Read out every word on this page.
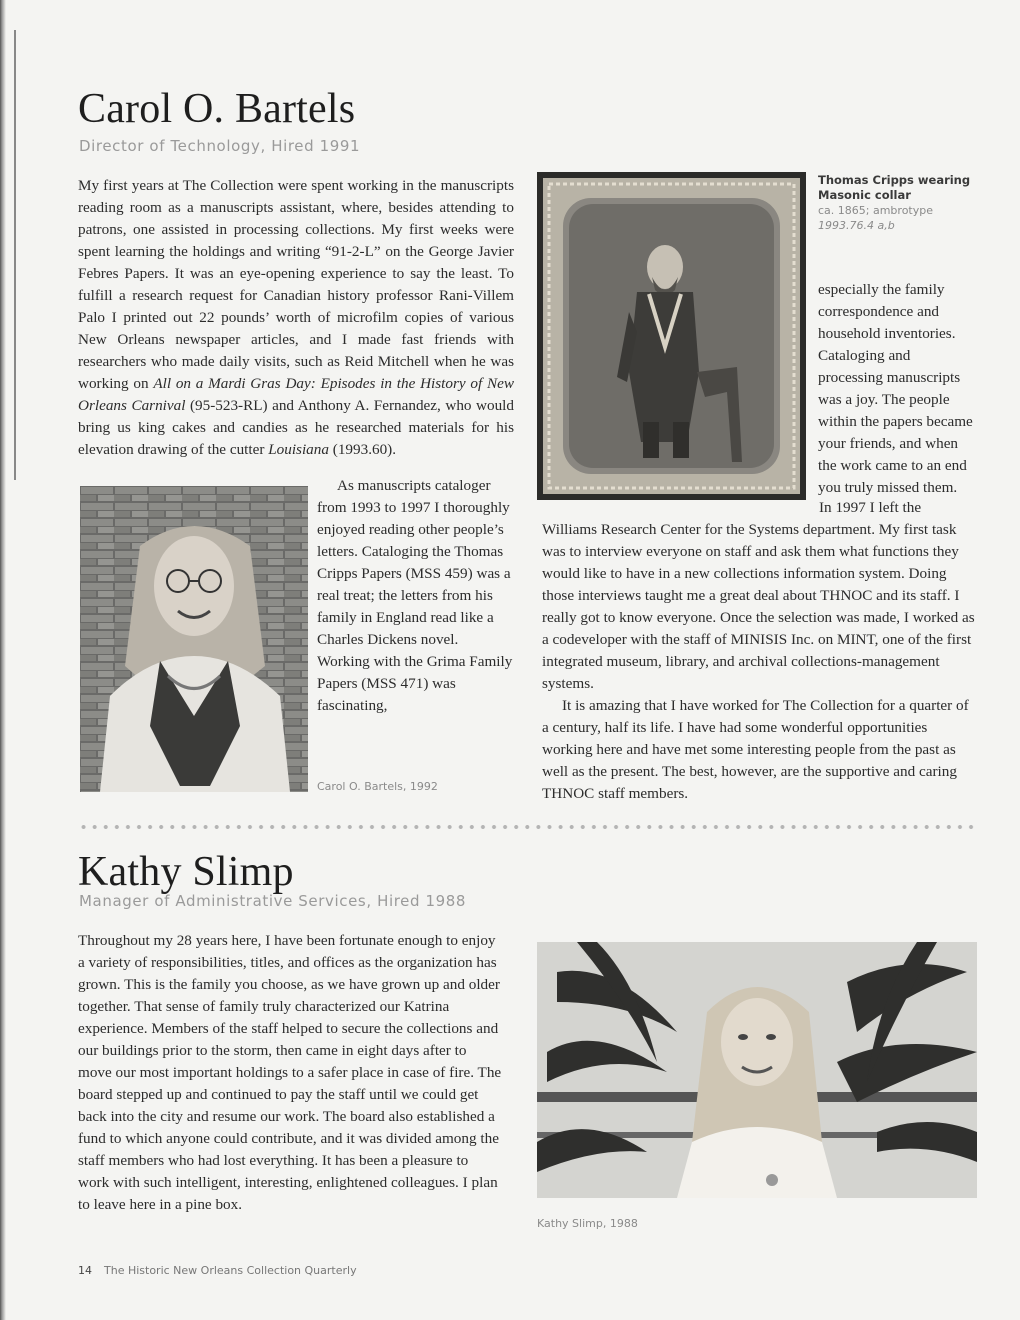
Carol O. Bartels
Director of Technology, Hired 1991

My first years at The Collection were spent working in the manuscripts reading room as a manuscripts assistant, where, besides attending to patrons, one assisted in processing collections. My first weeks were spent learning the holdings and writing “91-2-L” on the George Javier Febres Papers. It was an eye-opening experience to say the least. To fulfill a research request for Canadian history professor Rani-Villem Palo I printed out 22 pounds’ worth of microfilm copies of various New Orleans newspaper articles, and I made fast friends with researchers who made daily visits, such as Reid Mitchell when he was working on All on a Mardi Gras Day: Episodes in the History of New Orleans Carnival (95-523-RL) and Anthony A. Fernandez, who would bring us king cakes and candies as he researched materials for his elevation drawing of the cutter Louisiana (1993.60).

As manuscripts cataloger from 1993 to 1997 I thoroughly enjoyed reading other people’s letters. Cataloging the Thomas Cripps Papers (MSS 459) was a real treat; the letters from his family in England read like a Charles Dickens novel. Working with the Grima Family Papers (MSS 471) was fascinating,

Carol O. Bartels, 1992
Thomas Cripps wearing Masonic collar
ca. 1865; ambrotype
1993.76.4 a,b

especially the family correspondence and household inventories. Cataloging and processing manuscripts was a joy. The people within the papers became your friends, and when the work came to an end you truly missed them.

In 1997 I left the Williams Research Center for the Systems department. My first task was to interview everyone on staff and ask them what functions they would like to have in a new collections information system. Doing those interviews taught me a great deal about THNOC and its staff. I really got to know everyone. Once the selection was made, I worked as a codeveloper with the staff of MINISIS Inc. on MINT, one of the first integrated museum, library, and archival collections-management systems.

It is amazing that I have worked for The Collection for a quarter of a century, half its life. I have had some wonderful opportunities working here and have met some interesting people from the past as well as the present. The best, however, are the supportive and caring THNOC staff members.

Kathy Slimp
Manager of Administrative Services, Hired 1988

Throughout my 28 years here, I have been fortunate enough to enjoy a variety of responsibilities, titles, and offices as the organization has grown. This is the family you choose, as we have grown up and older together. That sense of family truly characterized our Katrina experience. Members of the staff helped to secure the collections and our buildings prior to the storm, then came in eight days after to move our most important holdings to a safer place in case of fire. The board stepped up and continued to pay the staff until we could get back into the city and resume our work. The board also established a fund to which anyone could contribute, and it was divided among the staff members who had lost everything. It has been a pleasure to work with such intelligent, interesting, enlightened colleagues. I plan to leave here in a pine box.

Kathy Slimp, 1988
14 The Historic New Orleans Collection Quarterly
